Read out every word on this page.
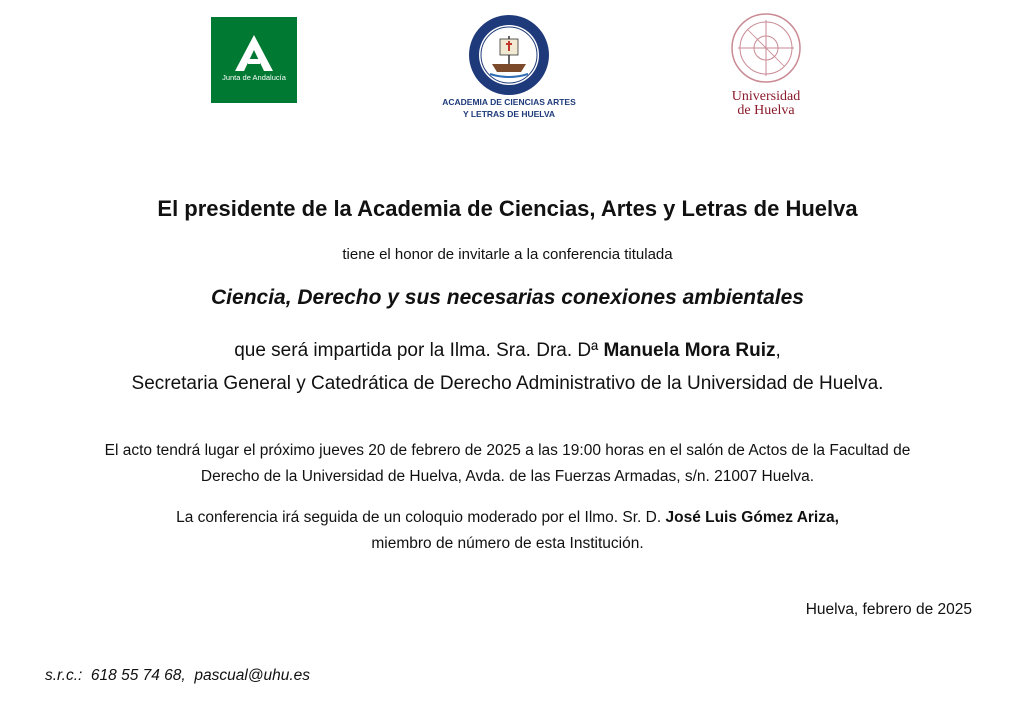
Junta de Andalucía
ACADEMIA DE CIENCIAS ARTES
Y LETRAS DE HUELVA
Universidad
de Huelva
El presidente de la Academia de Ciencias, Artes y Letras de Huelva
tiene el honor de invitarle a la conferencia titulada
Ciencia, Derecho y sus necesarias conexiones ambientales
que será impartida por la Ilma. Sra. Dra. Dª Manuela Mora Ruiz,
Secretaria General y Catedrática de Derecho Administrativo de la Universidad de Huelva.
El acto tendrá lugar el próximo jueves 20 de febrero de 2025 a las 19:00 horas en el salón de Actos de la Facultad de
Derecho de la Universidad de Huelva, Avda. de las Fuerzas Armadas, s/n. 21007 Huelva.
La conferencia irá seguida de un coloquio moderado por el Ilmo. Sr. D. José Luis Gómez Ariza,
miembro de número de esta Institución.
Huelva, febrero de 2025
s.r.c.:  618 55 74 68,  pascual@uhu.es
